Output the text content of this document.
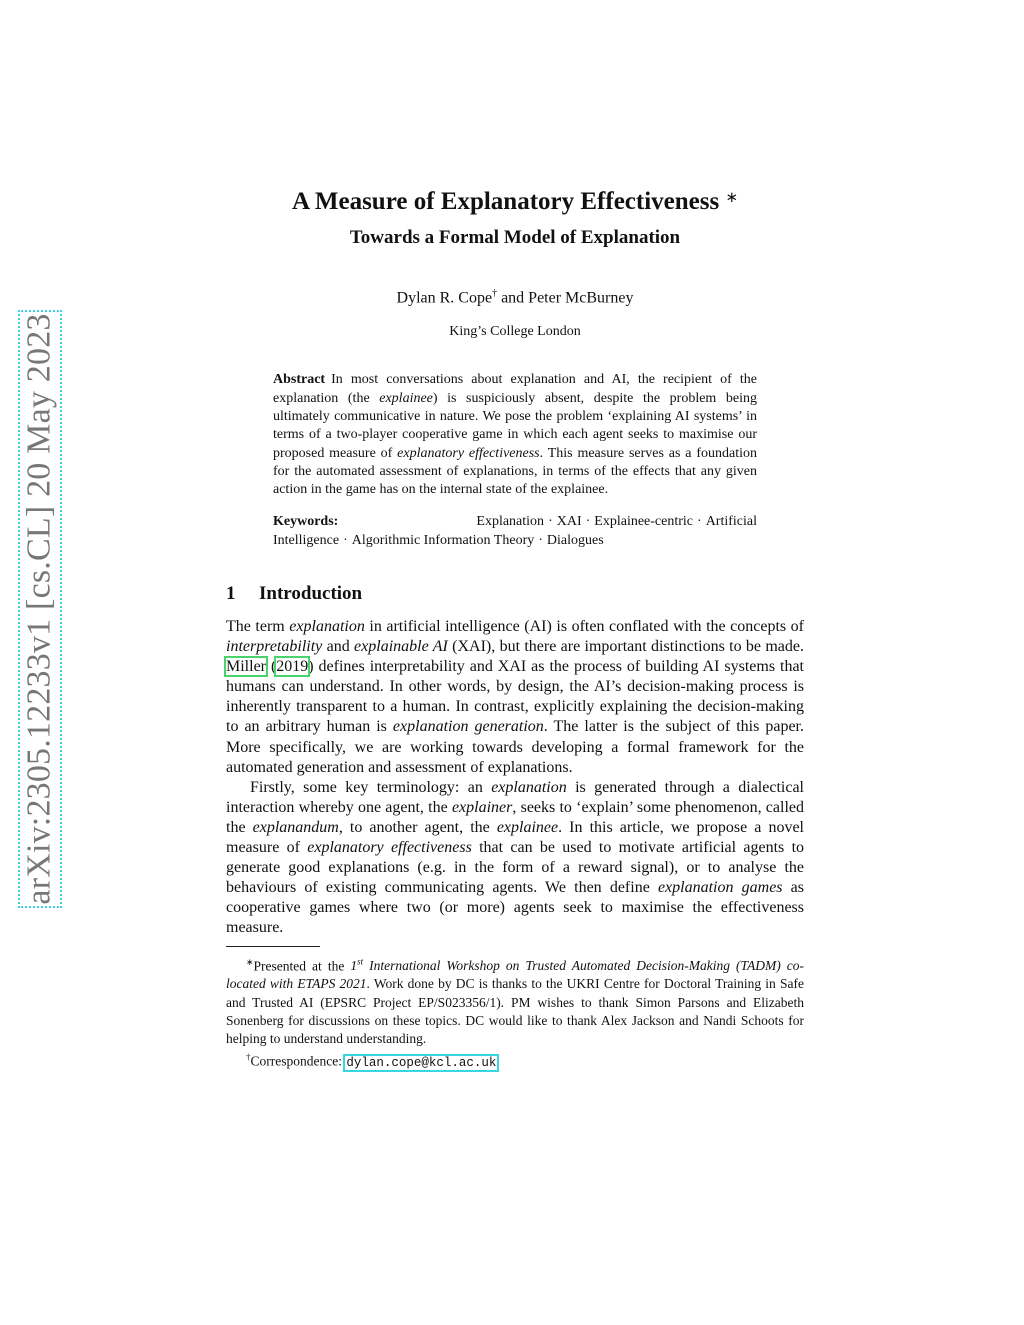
arXiv:2305.12233v1 [cs.CL] 20 May 2023
A Measure of Explanatory Effectiveness ∗
Towards a Formal Model of Explanation
Dylan R. Cope† and Peter McBurney
King’s College London
Abstract In most conversations about explanation and AI, the recipient of the explanation (the explainee) is suspiciously absent, despite the problem being ultimately communicative in nature. We pose the problem ‘explaining AI systems’ in terms of a two-player cooperative game in which each agent seeks to maximise our proposed measure of explanatory effectiveness. This measure serves as a foundation for the automated assessment of explanations, in terms of the effects that any given action in the game has on the internal state of the explainee.
Keywords:	Explanation · XAI · Explainee-centric · Artificial Intelligence · Algorithmic Information Theory · Dialogues
1 Introduction

The term explanation in artificial intelligence (AI) is often conflated with the concepts of interpretability and explainable AI (XAI), but there are important distinctions to be made. Miller (2019) defines interpretability and XAI as the process of building AI systems that humans can understand. In other words, by design, the AI’s decision-making process is inherently transparent to a human. In contrast, explicitly explaining the decision-making to an arbitrary human is explanation generation. The latter is the subject of this paper. More specifically, we are working towards developing a formal framework for the automated generation and assessment of explanations.

Firstly, some key terminology: an explanation is generated through a dialectical interaction whereby one agent, the explainer, seeks to ‘explain’ some phenomenon, called the explanandum, to another agent, the explainee. In this article, we propose a novel measure of explanatory effectiveness that can be used to motivate artificial agents to generate good explanations (e.g. in the form of a reward signal), or to analyse the behaviours of existing communicating agents. We then define explanation games as cooperative games where two (or more) agents seek to maximise the effectiveness measure.

∗Presented at the 1st International Workshop on Trusted Automated Decision-Making (TADM) co-located with ETAPS 2021. Work done by DC is thanks to the UKRI Centre for Doctoral Training in Safe and Trusted AI (EPSRC Project EP/S023356/1). PM wishes to thank Simon Parsons and Elizabeth Sonenberg for discussions on these topics. DC would like to thank Alex Jackson and Nandi Schoots for helping to understand understanding.

†Correspondence: dylan.cope@kcl.ac.uk
